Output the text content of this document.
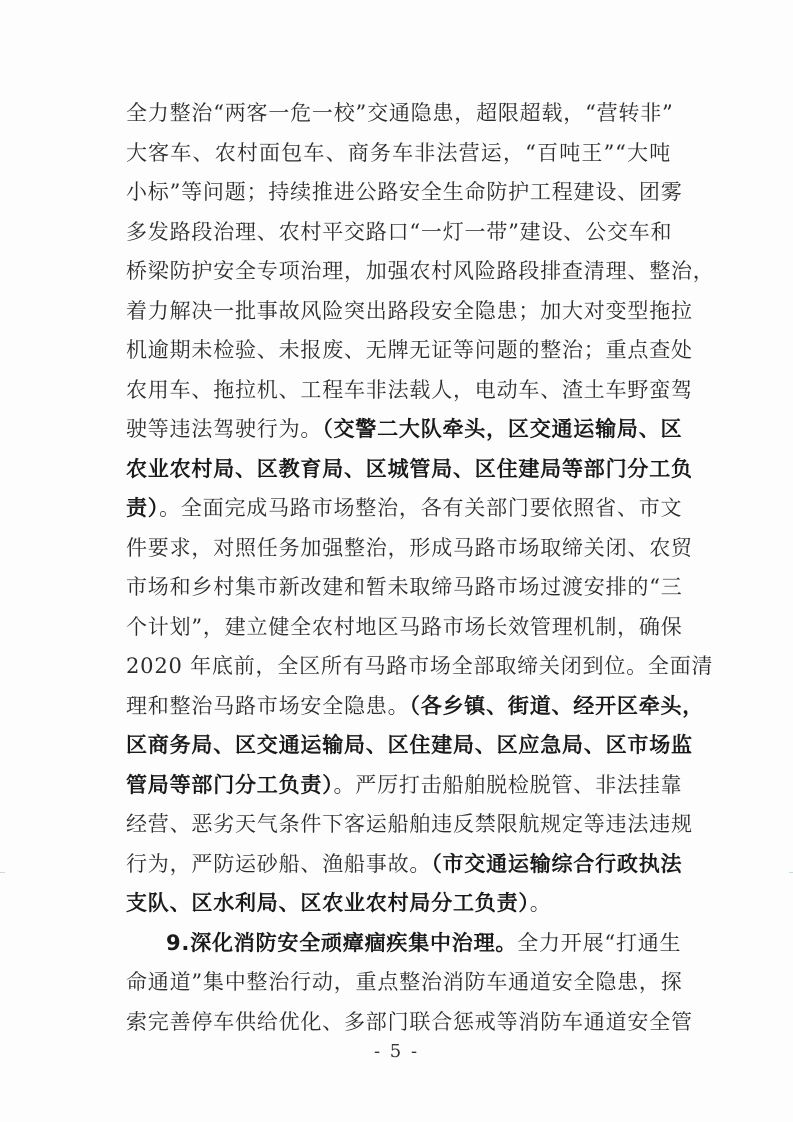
全力整治“两客一危一校”交通隐患，超限超载，“营转非”
大客车、农村面包车、商务车非法营运，“百吨王”“大吨
小标”等问题；持续推进公路安全生命防护工程建设、团雾
多发路段治理、农村平交路口“一灯一带”建设、公交车和
桥梁防护安全专项治理，加强农村风险路段排查清理、整治，
着力解决一批事故风险突出路段安全隐患；加大对变型拖拉
机逾期未检验、未报废、无牌无证等问题的整治；重点查处
农用车、拖拉机、工程车非法载人，电动车、渣土车野蛮驾
驶等违法驾驶行为。（交警二大队牵头，区交通运输局、区
农业农村局、区教育局、区城管局、区住建局等部门分工负
责）。全面完成马路市场整治，各有关部门要依照省、市文
件要求，对照任务加强整治，形成马路市场取缔关闭、农贸
市场和乡村集市新改建和暂未取缔马路市场过渡安排的“三
个计划”，建立健全农村地区马路市场长效管理机制，确保
2020 年底前，全区所有马路市场全部取缔关闭到位。全面清
理和整治马路市场安全隐患。（各乡镇、街道、经开区牵头，
区商务局、区交通运输局、区住建局、区应急局、区市场监
管局等部门分工负责）。严厉打击船舶脱检脱管、非法挂靠
经营、恶劣天气条件下客运船舶违反禁限航规定等违法违规
行为，严防运砂船、渔船事故。（市交通运输综合行政执法
支队、区水利局、区农业农村局分工负责）。
9.深化消防安全顽瘴痼疾集中治理。全力开展“打通生
命通道”集中整治行动，重点整治消防车通道安全隐患，探
索完善停车供给优化、多部门联合惩戒等消防车通道安全管
- 5 -
